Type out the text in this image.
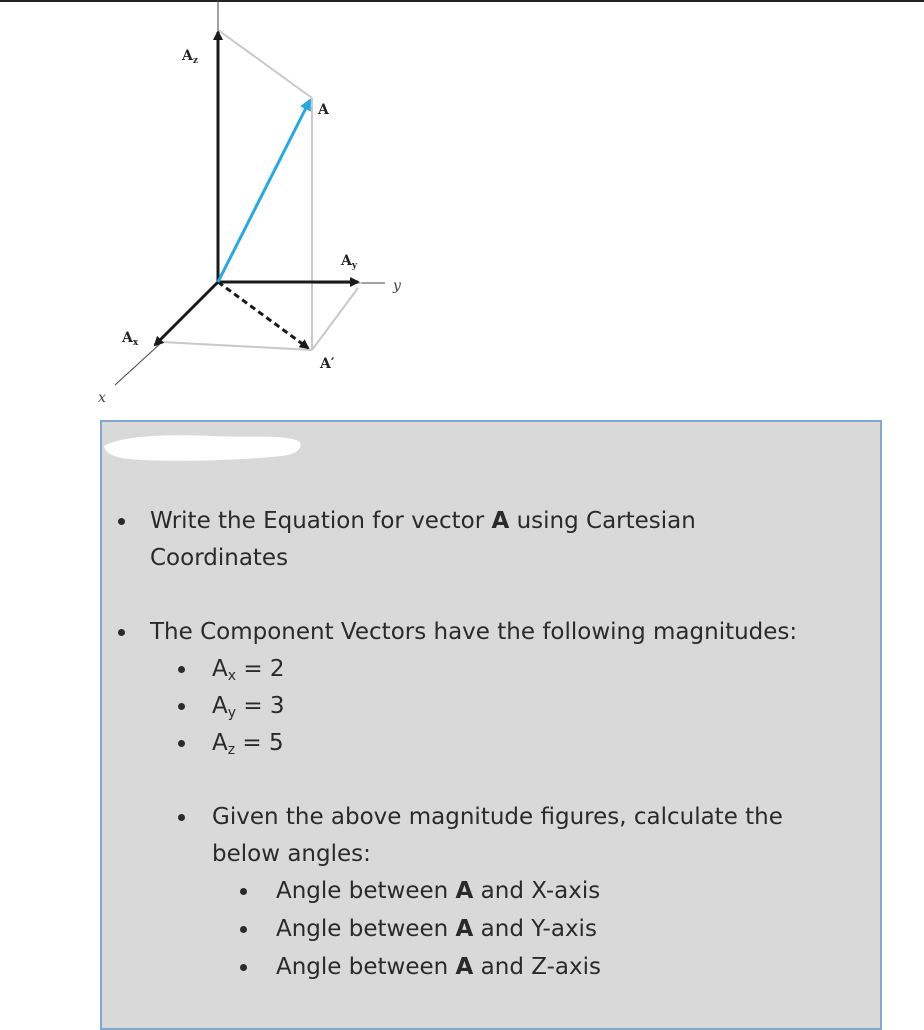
$A_z$
A
$A_y$
y
$A_x$
A′
x
Write the Equation for vector A using Cartesian
Coordinates
The Component Vectors have the following magnitudes:
$A_x = 2$
$A_y = 3$
$A_z = 5$
Given the above magnitude figures, calculate the
below angles:
Angle between A and X-axis
Angle between A and Y-axis
Angle between A and Z-axis
